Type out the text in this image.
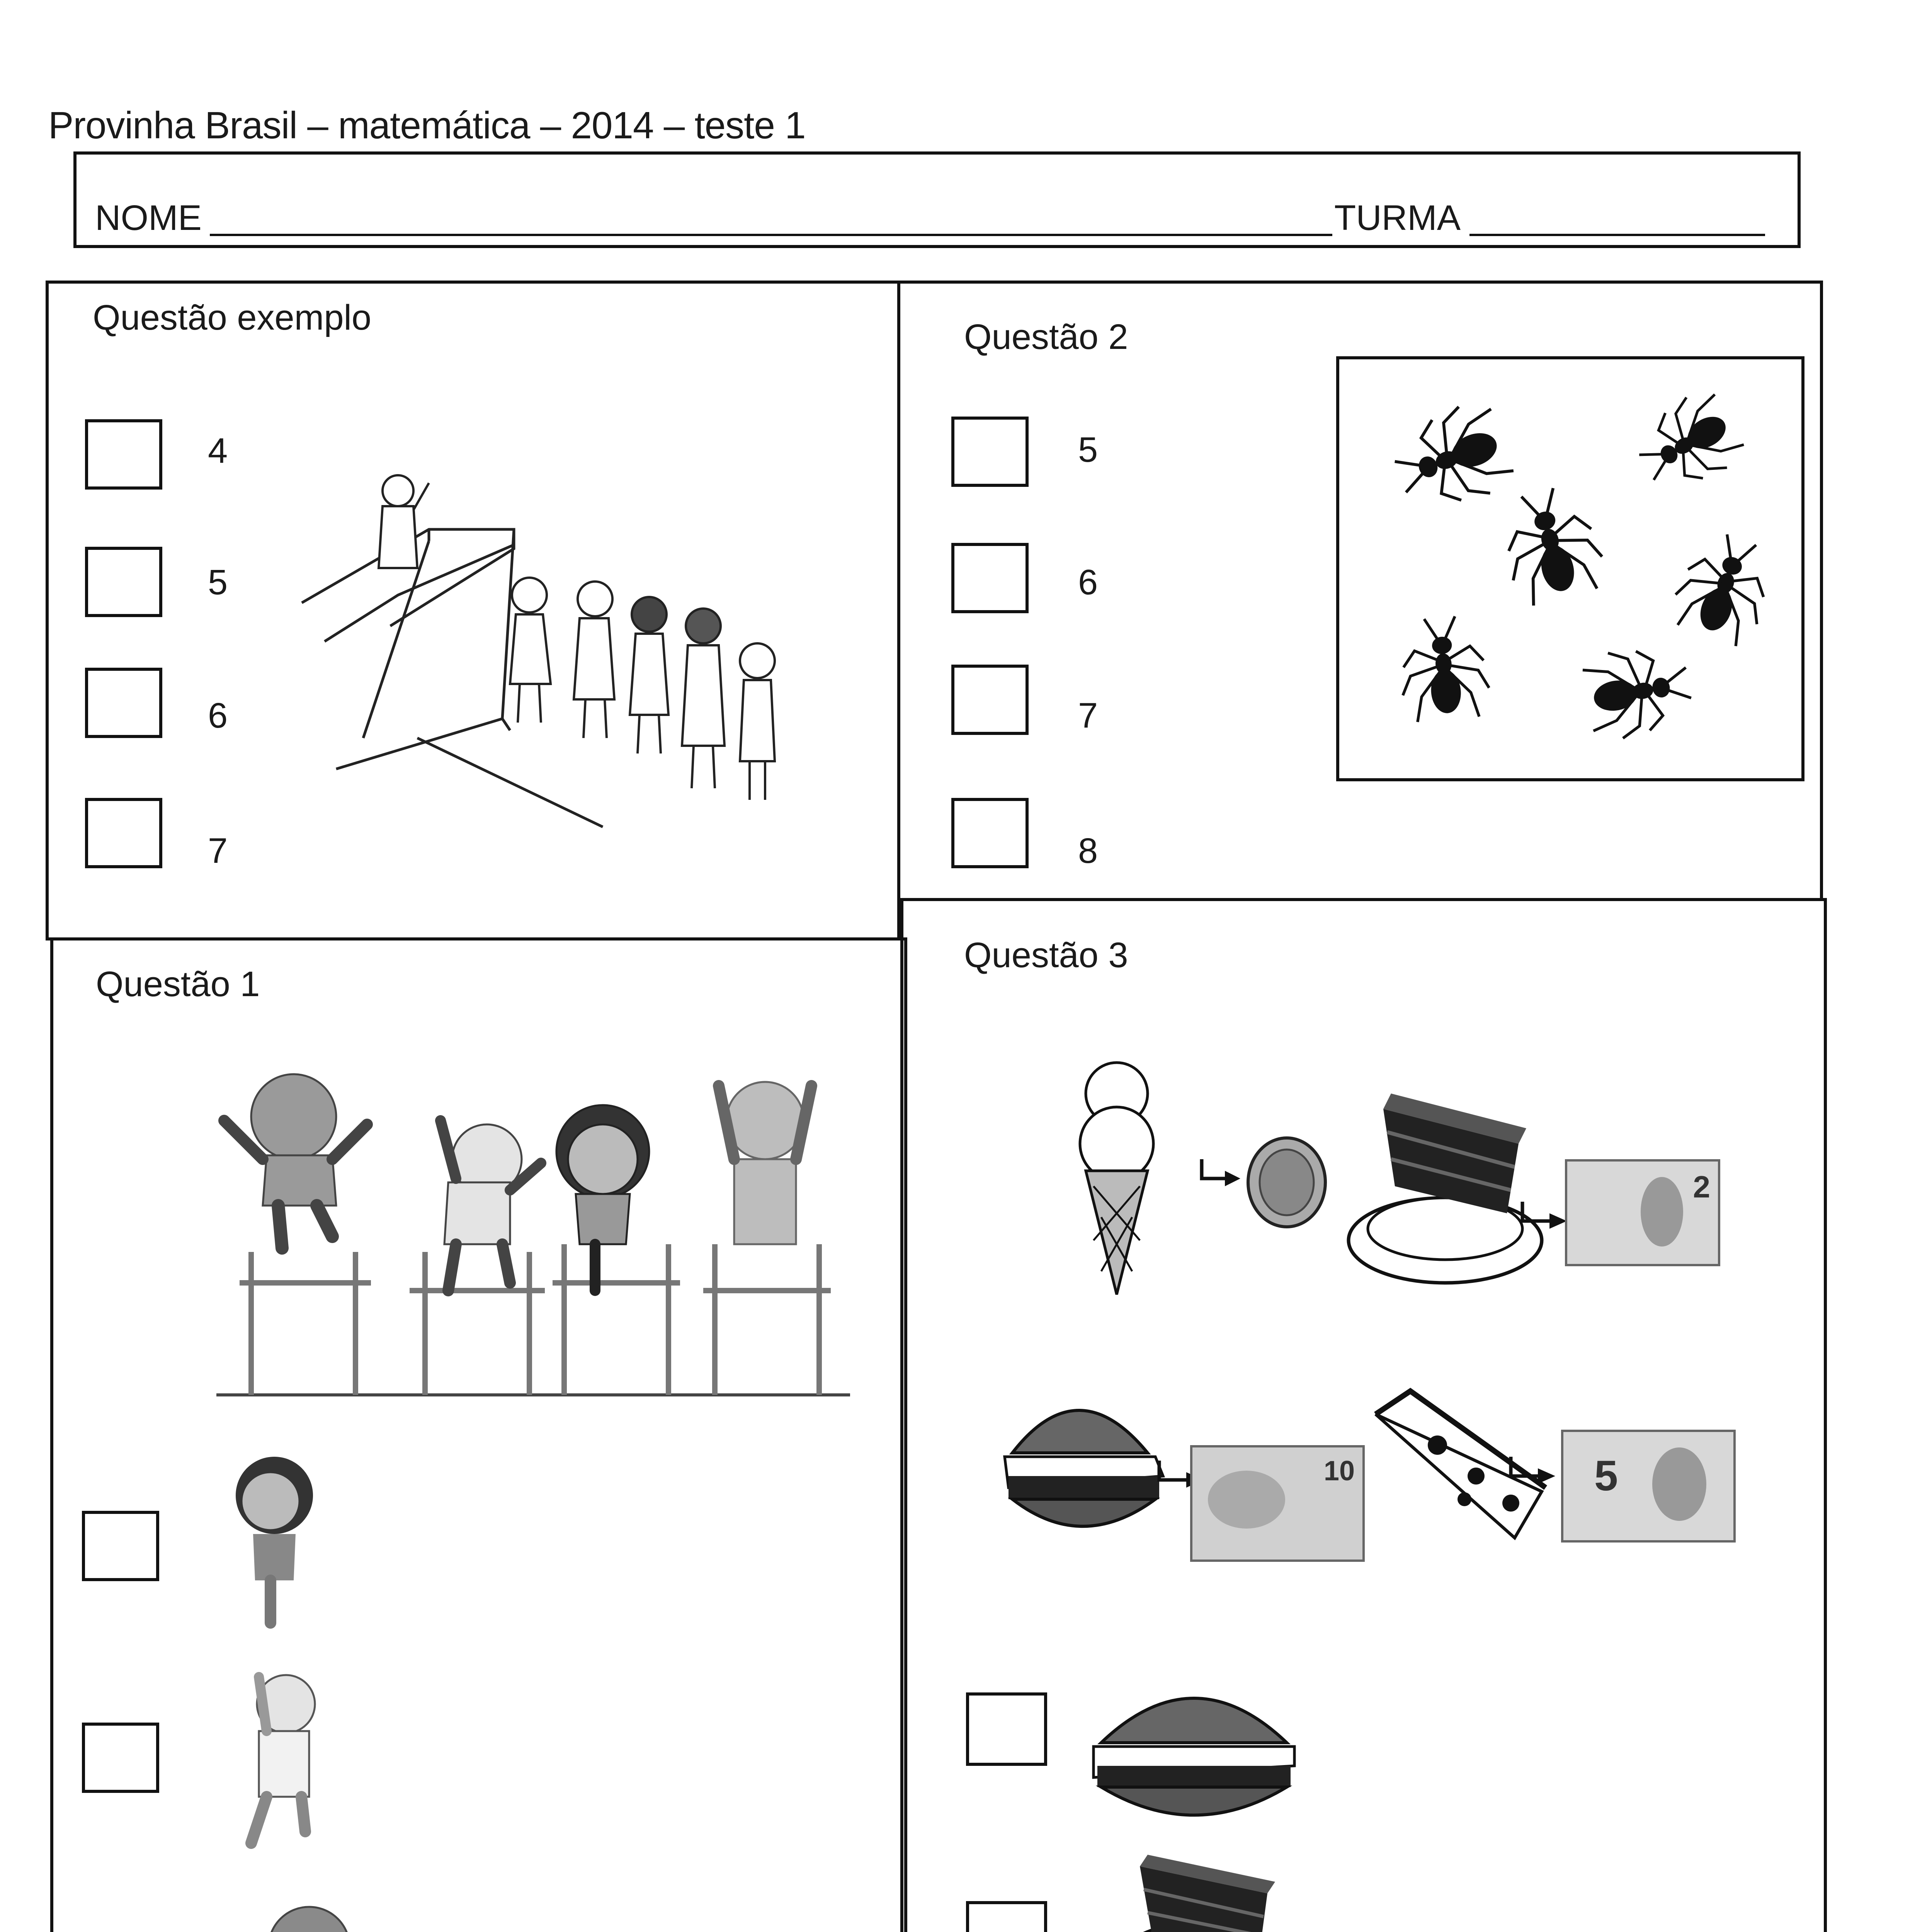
Provinha Brasil – matemática – 2014 – teste 1
NOME	TURMA
Questão exemplo
4
5
6
7
Questão 2
5
6
7
8
Questão 1
Questão 3
2
10	5
